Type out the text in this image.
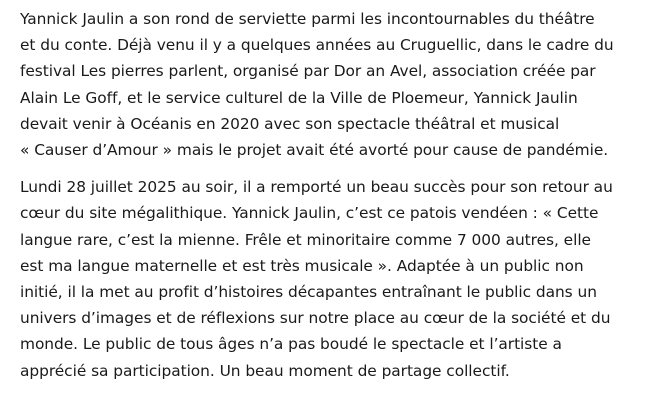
Yannick Jaulin a son rond de serviette parmi les incontournables du théâtre
et du conte. Déjà venu il y a quelques années au Cruguellic, dans le cadre du
festival Les pierres parlent, organisé par Dor an Avel, association créée par
Alain Le Goff, et le service culturel de la Ville de Ploemeur, Yannick Jaulin
devait venir à Océanis en 2020 avec son spectacle théâtral et musical
« Causer d’Amour » mais le projet avait été avorté pour cause de pandémie.

Lundi 28 juillet 2025 au soir, il a remporté un beau succès pour son retour au
cœur du site mégalithique. Yannick Jaulin, c’est ce patois vendéen : « Cette
langue rare, c’est la mienne. Frêle et minoritaire comme 7 000 autres, elle
est ma langue maternelle et est très musicale ». Adaptée à un public non
initié, il la met au profit d’histoires décapantes entraînant le public dans un
univers d’images et de réflexions sur notre place au cœur de la société et du
monde. Le public de tous âges n’a pas boudé le spectacle et l’artiste a
apprécié sa participation. Un beau moment de partage collectif.
